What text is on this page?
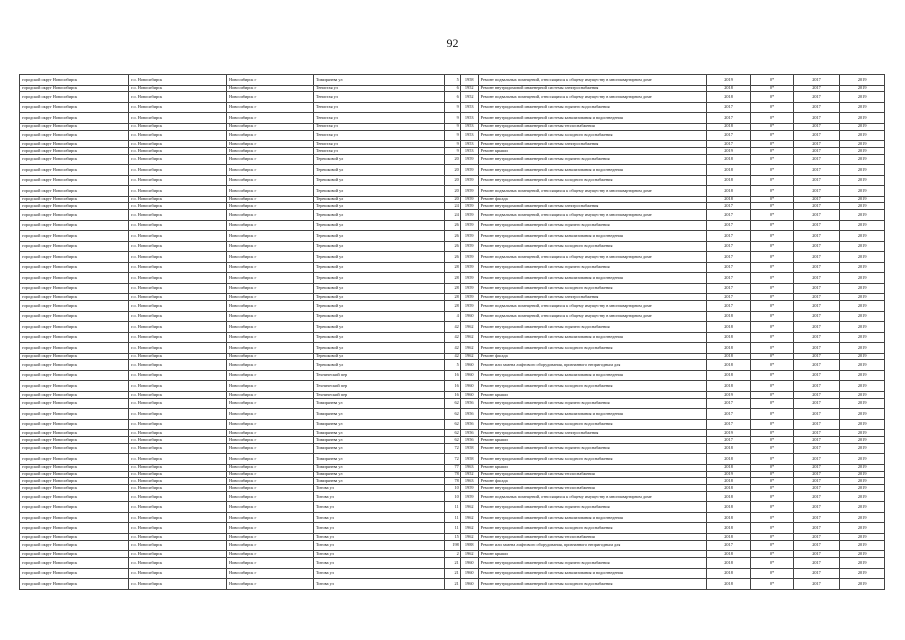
92
городской округ Новосибирск	г.о. Новосибирск	Новосибирск г	Тимирязева ул	5	1958	Ремонт подвальных помещений, относящихся к общему имуществу в многоквартирном доме	2019	0*	2017	2019
городской округ Новосибирск	г.о. Новосибирск	Новосибирск г	Тенистая ул	6	1952	Ремонт внутридомовой инженерной системы электроснабжения	2018	0*	2017	2019
городской округ Новосибирск	г.о. Новосибирск	Новосибирск г	Тенистая ул	6	1952	Ремонт подвальных помещений, относящихся к общему имуществу в многоквартирном доме	2018	0*	2017	2019
городской округ Новосибирск	г.о. Новосибирск	Новосибирск г	Тенистая ул	9	1953	Ремонт внутридомовой инженерной системы горячего водоснабжения	2017	0*	2017	2019
городской округ Новосибирск	г.о. Новосибирск	Новосибирск г	Тенистая ул	9	1953	Ремонт внутридомовой инженерной системы канализования и водоотведения	2017	0*	2017	2019
городской округ Новосибирск	г.о. Новосибирск	Новосибирск г	Тенистая ул	9	1953	Ремонт внутридомовой инженерной системы теплоснабжения	2018	0*	2017	2019
городской округ Новосибирск	г.о. Новосибирск	Новосибирск г	Тенистая ул	9	1953	Ремонт внутридомовой инженерной системы холодного водоснабжения	2017	0*	2017	2019
городской округ Новосибирск	г.о. Новосибирск	Новосибирск г	Тенистая ул	9	1953	Ремонт внутридомовой инженерной системы электроснабжения	2017	0*	2017	2019
городской округ Новосибирск	г.о. Новосибирск	Новосибирск г	Тенистая ул	9	1953	Ремонт крыши	2019	0*	2017	2019
городской округ Новосибирск	г.о. Новосибирск	Новосибирск г	Терешковой ул	20	1959	Ремонт внутридомовой инженерной системы горячего водоснабжения	2018	0*	2017	2019
городской округ Новосибирск	г.о. Новосибирск	Новосибирск г	Терешковой ул	20	1959	Ремонт внутридомовой инженерной системы канализования и водоотведения	2018	0*	2017	2019
городской округ Новосибирск	г.о. Новосибирск	Новосибирск г	Терешковой ул	20	1959	Ремонт внутридомовой инженерной системы холодного водоснабжения	2018	0*	2017	2019
городской округ Новосибирск	г.о. Новосибирск	Новосибирск г	Терешковой ул	20	1959	Ремонт подвальных помещений, относящихся к общему имуществу в многоквартирном доме	2018	0*	2017	2019
городской округ Новосибирск	г.о. Новосибирск	Новосибирск г	Терешковой ул	20	1959	Ремонт фасада	2018	0*	2017	2019
городской округ Новосибирск	г.о. Новосибирск	Новосибирск г	Терешковой ул	24	1959	Ремонт внутридомовой инженерной системы электроснабжения	2017	0*	2017	2019
городской округ Новосибирск	г.о. Новосибирск	Новосибирск г	Терешковой ул	24	1959	Ремонт подвальных помещений, относящихся к общему имуществу в многоквартирном доме	2017	0*	2017	2019
городской округ Новосибирск	г.о. Новосибирск	Новосибирск г	Терешковой ул	26	1959	Ремонт внутридомовой инженерной системы горячего водоснабжения	2017	0*	2017	2019
городской округ Новосибирск	г.о. Новосибирск	Новосибирск г	Терешковой ул	26	1959	Ремонт внутридомовой инженерной системы канализования и водоотведения	2017	0*	2017	2019
городской округ Новосибирск	г.о. Новосибирск	Новосибирск г	Терешковой ул	26	1959	Ремонт внутридомовой инженерной системы холодного водоснабжения	2017	0*	2017	2019
городской округ Новосибирск	г.о. Новосибирск	Новосибирск г	Терешковой ул	26	1959	Ремонт подвальных помещений, относящихся к общему имуществу в многоквартирном доме	2017	0*	2017	2019
городской округ Новосибирск	г.о. Новосибирск	Новосибирск г	Терешковой ул	28	1959	Ремонт внутридомовой инженерной системы горячего водоснабжения	2017	0*	2017	2019
городской округ Новосибирск	г.о. Новосибирск	Новосибирск г	Терешковой ул	28	1959	Ремонт внутридомовой инженерной системы канализования и водоотведения	2017	0*	2017	2019
городской округ Новосибирск	г.о. Новосибирск	Новосибирск г	Терешковой ул	28	1959	Ремонт внутридомовой инженерной системы холодного водоснабжения	2017	0*	2017	2019
городской округ Новосибирск	г.о. Новосибирск	Новосибирск г	Терешковой ул	28	1959	Ремонт внутридомовой инженерной системы электроснабжения	2017	0*	2017	2019
городской округ Новосибирск	г.о. Новосибирск	Новосибирск г	Терешковой ул	28	1959	Ремонт подвальных помещений, относящихся к общему имуществу в многоквартирном доме	2017	0*	2017	2019
городской округ Новосибирск	г.о. Новосибирск	Новосибирск г	Терешковой ул	4	1960	Ремонт подвальных помещений, относящихся к общему имуществу в многоквартирном доме	2018	0*	2017	2019
городской округ Новосибирск	г.о. Новосибирск	Новосибирск г	Терешковой ул	42	1962	Ремонт внутридомовой инженерной системы горячего водоснабжения	2018	0*	2017	2019
городской округ Новосибирск	г.о. Новосибирск	Новосибирск г	Терешковой ул	42	1962	Ремонт внутридомовой инженерной системы канализования и водоотведения	2018	0*	2017	2019
городской округ Новосибирск	г.о. Новосибирск	Новосибирск г	Терешковой ул	42	1962	Ремонт внутридомовой инженерной системы холодного водоснабжения	2018	0*	2017	2019
городской округ Новосибирск	г.о. Новосибирск	Новосибирск г	Терешковой ул	42	1962	Ремонт фасада	2018	0*	2017	2019
городской округ Новосибирск	г.о. Новосибирск	Новосибирск г	Терешковой ул	5	1960	Ремонт или замена лифтового оборудования, признанного непригодным для	2018	0*	2017	2019
городской округ Новосибирск	г.о. Новосибирск	Новосибирск г	Технический пер	16	1960	Ремонт внутридомовой инженерной системы канализования и водоотведения	2018	0*	2017	2019
городской округ Новосибирск	г.о. Новосибирск	Новосибирск г	Технический пер	16	1960	Ремонт внутридомовой инженерной системы холодного водоснабжения	2018	0*	2017	2019
городской округ Новосибирск	г.о. Новосибирск	Новосибирск г	Технический пер	16	1960	Ремонт крыши	2019	0*	2017	2019
городской округ Новосибирск	г.о. Новосибирск	Новосибирск г	Тимирязева ул	62	1956	Ремонт внутридомовой инженерной системы горячего водоснабжения	2017	0*	2017	2019
городской округ Новосибирск	г.о. Новосибирск	Новосибирск г	Тимирязева ул	62	1956	Ремонт внутридомовой инженерной системы канализования и водоотведения	2017	0*	2017	2019
городской округ Новосибирск	г.о. Новосибирск	Новосибирск г	Тимирязева ул	62	1956	Ремонт внутридомовой инженерной системы холодного водоснабжения	2017	0*	2017	2019
городской округ Новосибирск	г.о. Новосибирск	Новосибирск г	Тимирязева ул	62	1956	Ремонт внутридомовой инженерной системы электроснабжения	2019	0*	2017	2019
городской округ Новосибирск	г.о. Новосибирск	Новосибирск г	Тимирязева ул	62	1956	Ремонт крыши	2017	0*	2017	2019
городской округ Новосибирск	г.о. Новосибирск	Новосибирск г	Тимирязева ул	72	1958	Ремонт внутридомовой инженерной системы горячего водоснабжения	2018	0*	2017	2019
городской округ Новосибирск	г.о. Новосибирск	Новосибирск г	Тимирязева ул	72	1958	Ремонт внутридомовой инженерной системы холодного водоснабжения	2018	0*	2017	2019
городской округ Новосибирск	г.о. Новосибирск	Новосибирск г	Тимирязева ул	77	1963	Ремонт крыши	2018	0*	2017	2019
городской округ Новосибирск	г.о. Новосибирск	Новосибирск г	Тимирязева ул	78	1952	Ремонт внутридомовой инженерной системы теплоснабжения	2019	0*	2017	2019
городской округ Новосибирск	г.о. Новосибирск	Новосибирск г	Тимирязева ул	78	1963	Ремонт фасада	2018	0*	2017	2019
городской округ Новосибирск	г.о. Новосибирск	Новосибирск г	Титова ул	10	1959	Ремонт внутридомовой инженерной системы теплоснабжения	2018	0*	2017	2019
городской округ Новосибирск	г.о. Новосибирск	Новосибирск г	Титова ул	10	1959	Ремонт подвальных помещений, относящихся к общему имуществу в многоквартирном доме	2018	0*	2017	2019
городской округ Новосибирск	г.о. Новосибирск	Новосибирск г	Титова ул	11	1962	Ремонт внутридомовой инженерной системы горячего водоснабжения	2018	0*	2017	2019
городской округ Новосибирск	г.о. Новосибирск	Новосибирск г	Титова ул	11	1962	Ремонт внутридомовой инженерной системы канализования и водоотведения	2018	0*	2017	2019
городской округ Новосибирск	г.о. Новосибирск	Новосибирск г	Титова ул	11	1962	Ремонт внутридомовой инженерной системы холодного водоснабжения	2018	0*	2017	2019
городской округ Новосибирск	г.о. Новосибирск	Новосибирск г	Титова ул	15	1962	Ремонт внутридомовой инженерной системы теплоснабжения	2018	0*	2017	2019
городской округ Новосибирск	г.о. Новосибирск	Новосибирск г	Титова ул	198	1988	Ремонт или замена лифтового оборудования, признанного непригодным для	2017	0*	2017	2019
городской округ Новосибирск	г.о. Новосибирск	Новосибирск г	Титова ул	2	1962	Ремонт крыши	2018	0*	2017	2019
городской округ Новосибирск	г.о. Новосибирск	Новосибирск г	Титова ул	21	1960	Ремонт внутридомовой инженерной системы горячего водоснабжения	2018	0*	2017	2019
городской округ Новосибирск	г.о. Новосибирск	Новосибирск г	Титова ул	21	1960	Ремонт внутридомовой инженерной системы канализования и водоотведения	2018	0*	2017	2019
городской округ Новосибирск	г.о. Новосибирск	Новосибирск г	Титова ул	21	1960	Ремонт внутридомовой инженерной системы холодного водоснабжения	2018	0*	2017	2019
